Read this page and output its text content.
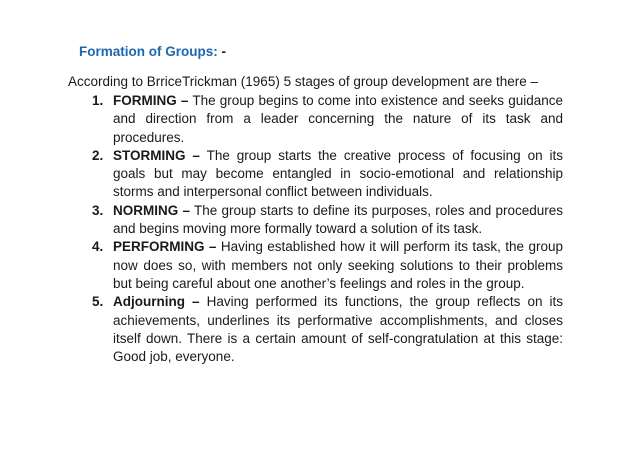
Formation of Groups: -
According to BrriceTrickman (1965) 5 stages of group development are there –
1. FORMING – The group begins to come into existence and seeks guidance and direction from a leader concerning the nature of its task and procedures.
2. STORMING – The group starts the creative process of focusing on its goals but may become entangled in socio-emotional and relationship storms and interpersonal conflict between individuals.
3. NORMING – The group starts to define its purposes, roles and procedures and begins moving more formally toward a solution of its task.
4. PERFORMING – Having established how it will perform its task, the group now does so, with members not only seeking solutions to their problems but being careful about one another’s feelings and roles in the group.
5. Adjourning – Having performed its functions, the group reflects on its achievements, underlines its performative accomplishments, and closes itself down. There is a certain amount of self-congratulation at this stage: Good job, everyone.
